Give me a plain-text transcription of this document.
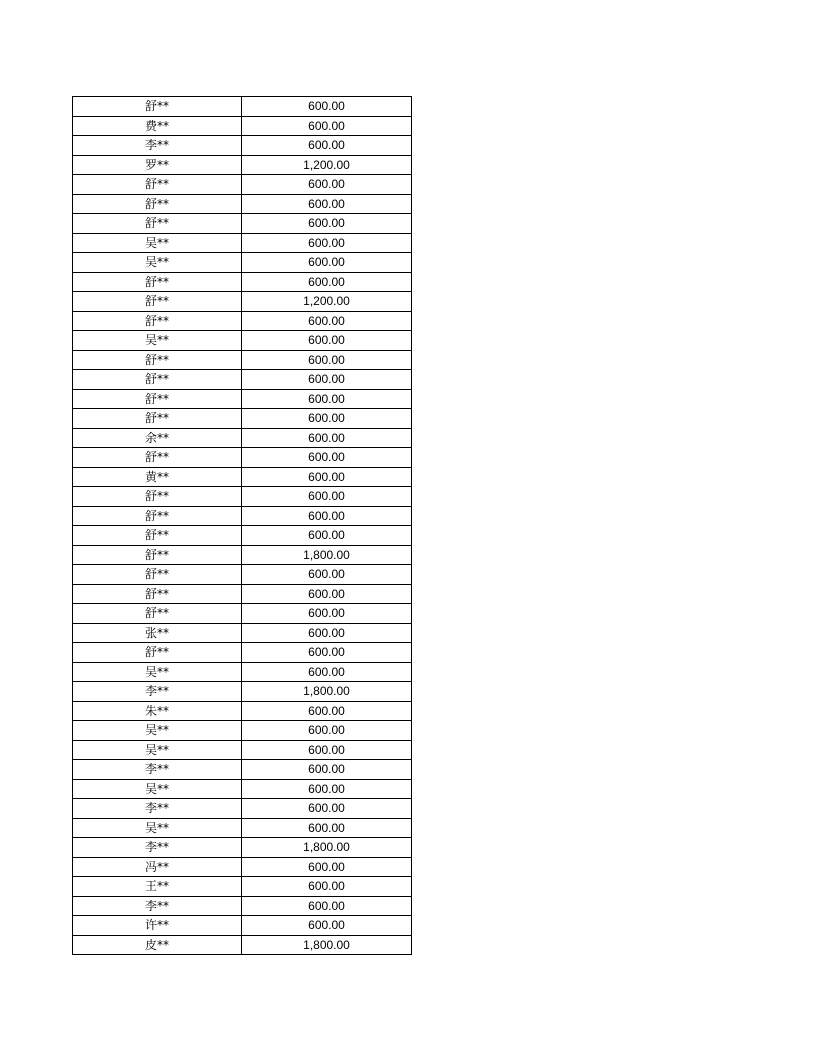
舒**	600.00
费**	600.00
李**	600.00
罗**	1,200.00
舒**	600.00
舒**	600.00
舒**	600.00
吴**	600.00
吴**	600.00
舒**	600.00
舒**	1,200.00
舒**	600.00
吴**	600.00
舒**	600.00
舒**	600.00
舒**	600.00
舒**	600.00
余**	600.00
舒**	600.00
黄**	600.00
舒**	600.00
舒**	600.00
舒**	600.00
舒**	1,800.00
舒**	600.00
舒**	600.00
舒**	600.00
张**	600.00
舒**	600.00
吴**	600.00
李**	1,800.00
朱**	600.00
吴**	600.00
吴**	600.00
李**	600.00
吴**	600.00
李**	600.00
吴**	600.00
李**	1,800.00
冯**	600.00
王**	600.00
李**	600.00
许**	600.00
皮**	1,800.00
